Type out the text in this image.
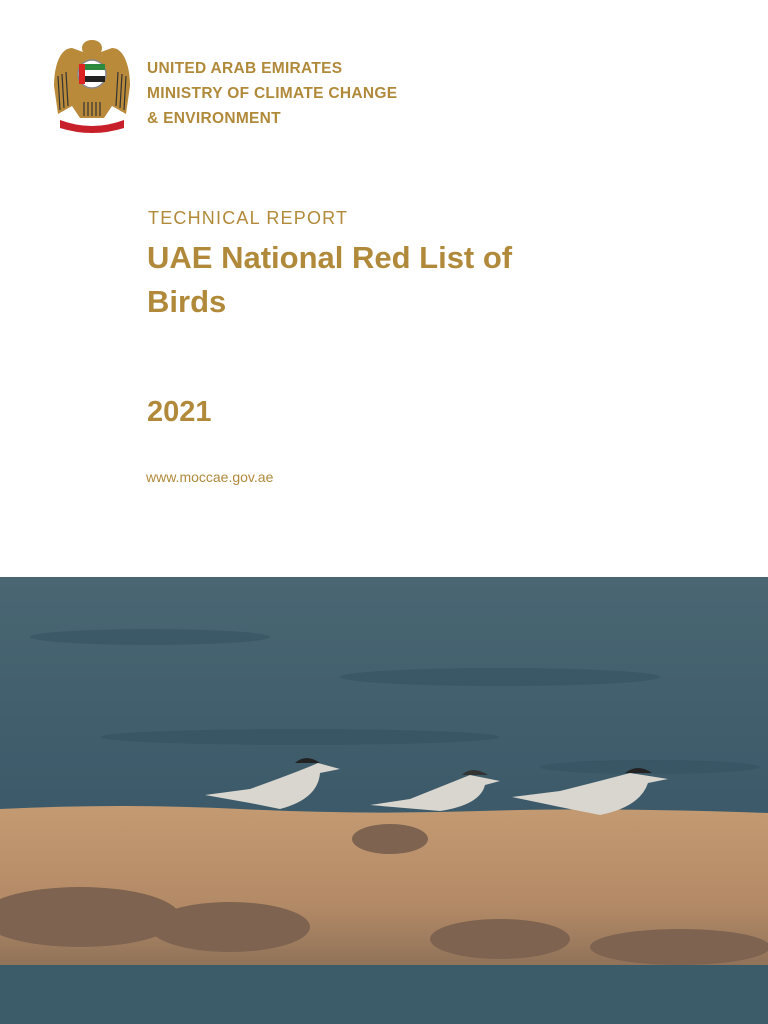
UNITED ARAB EMIRATES
MINISTRY OF CLIMATE CHANGE
& ENVIRONMENT
TECHNICAL REPORT
UAE National Red List of Birds
2021
www.moccae.gov.ae
